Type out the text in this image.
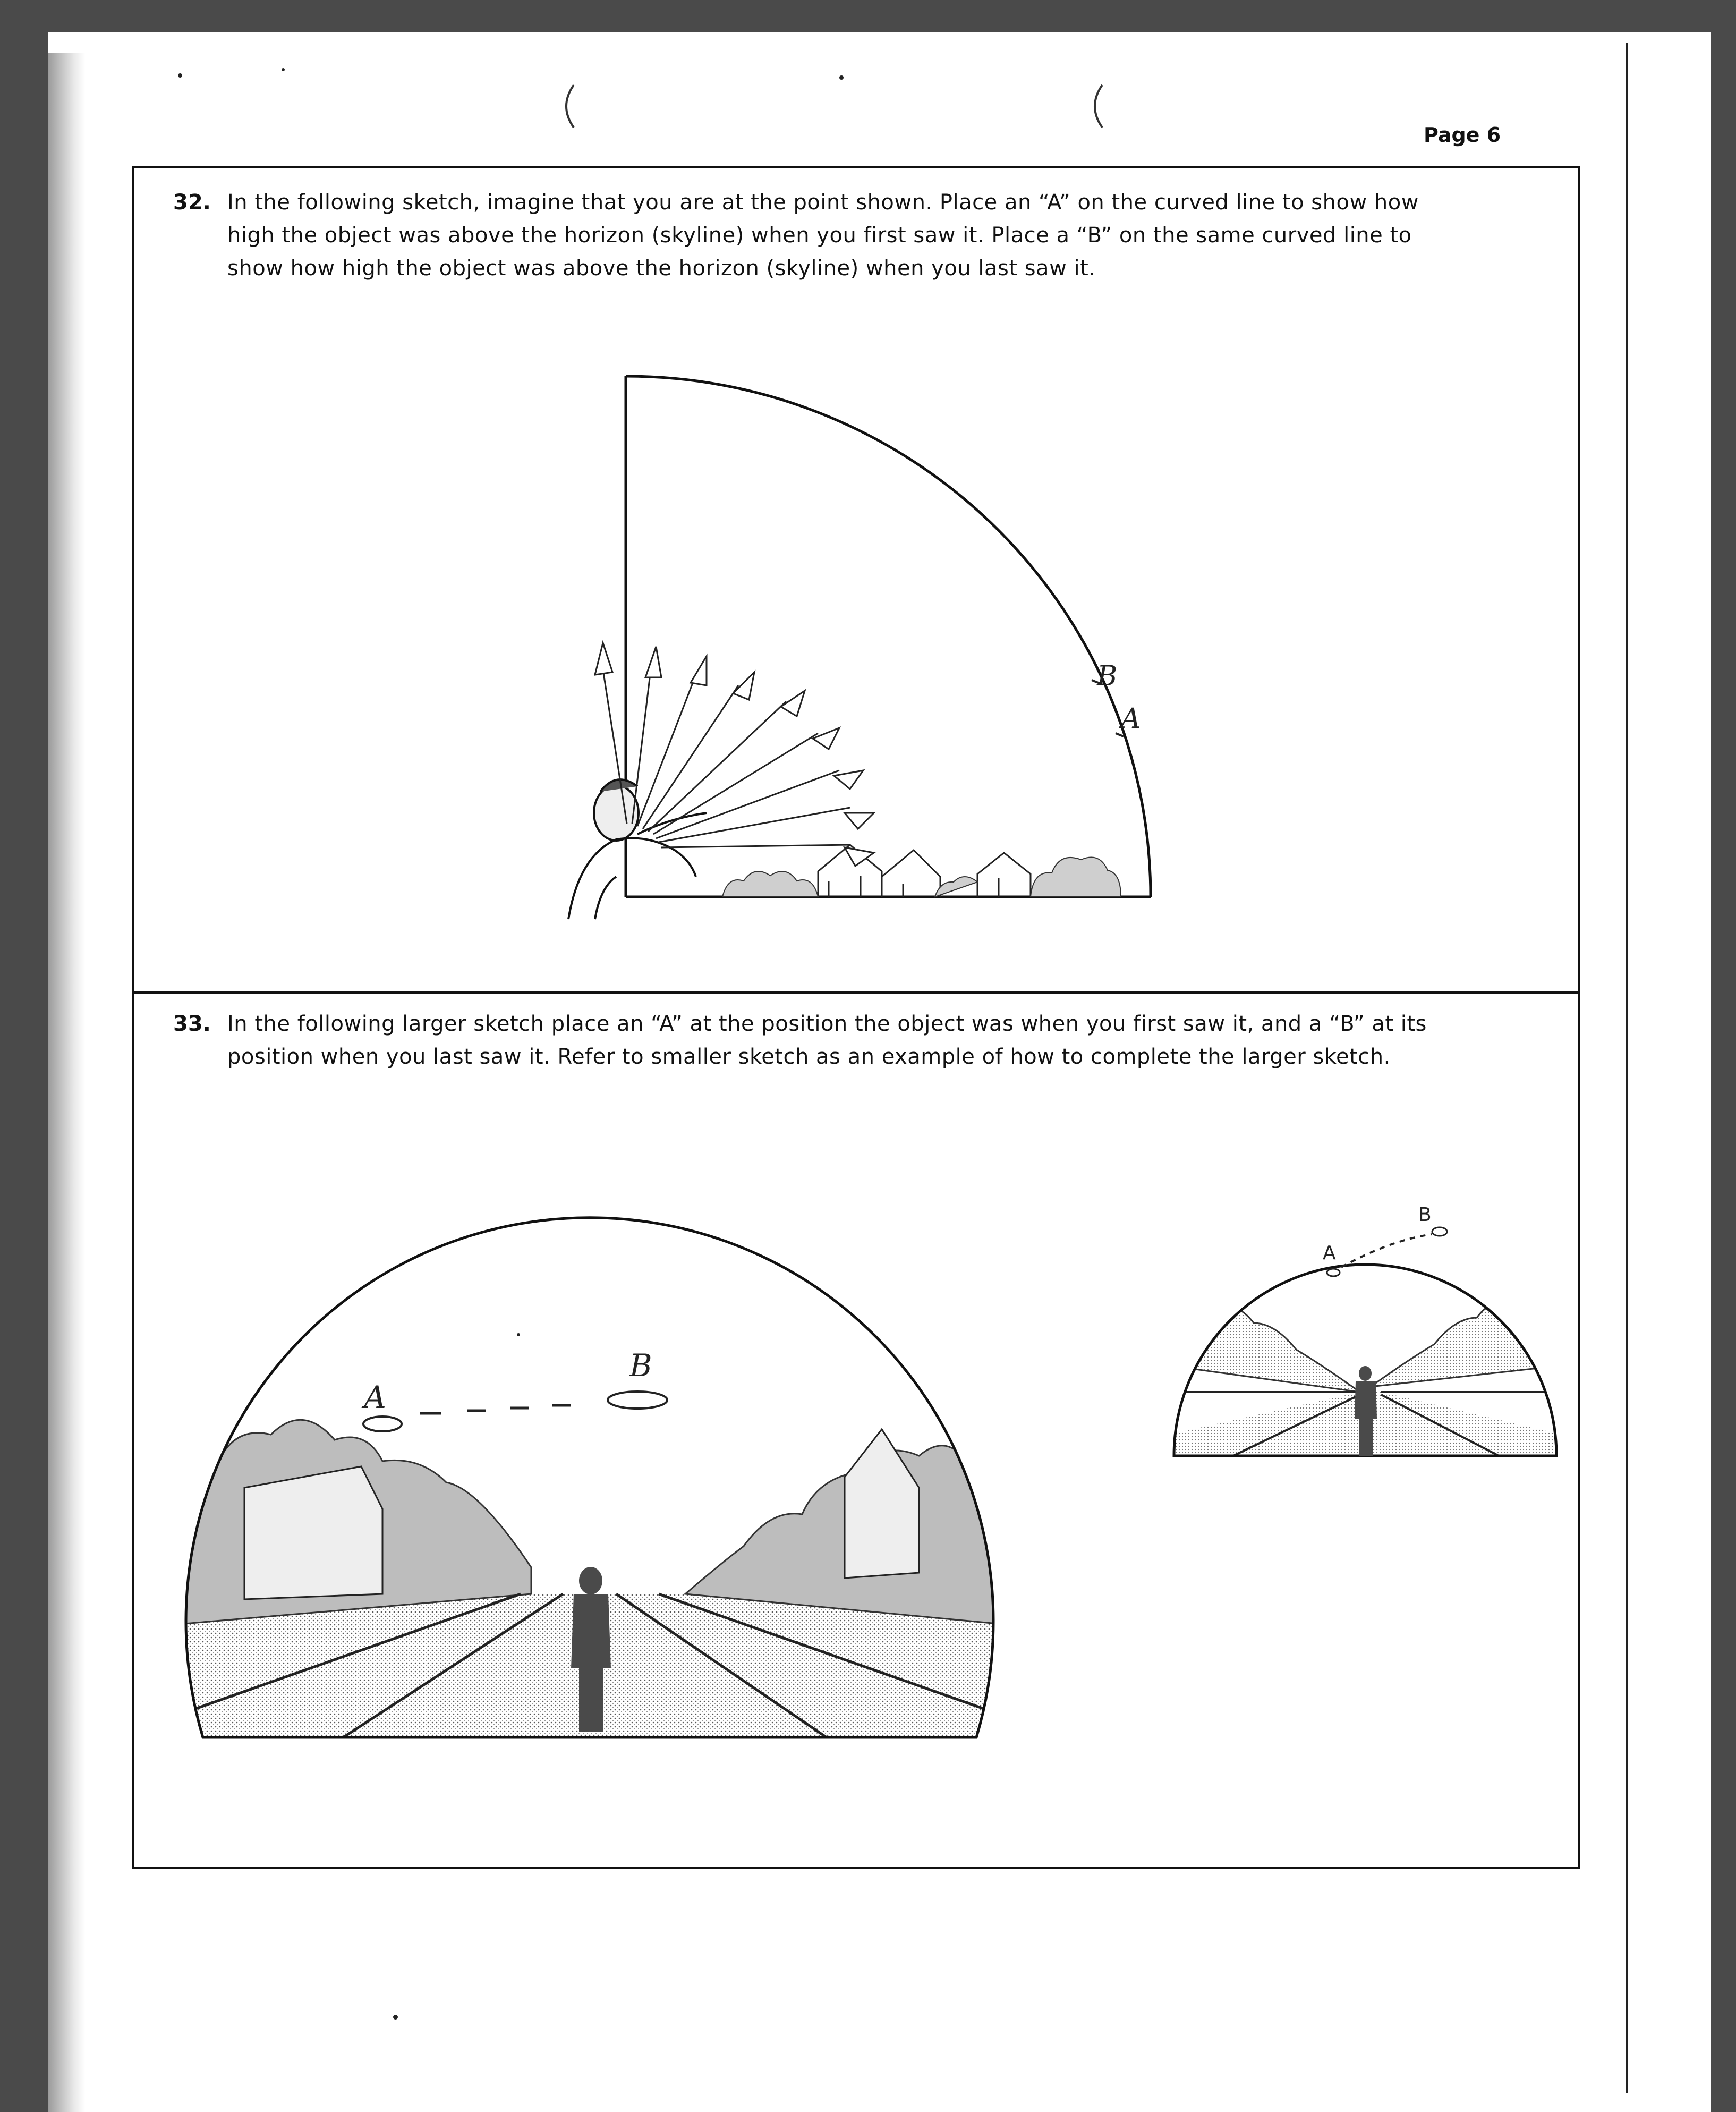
Page 6
32. In the following sketch, imagine that you are at the point shown. Place an “A” on the curved line to show how

high the object was above the horizon (skyline) when you first saw it. Place a “B” on the same curved line to

show how high the object was above the horizon (skyline) when you last saw it.

B
A
33. In the following larger sketch place an “A” at the position the object was when you first saw it, and a “B” at its

position when you last saw it. Refer to smaller sketch as an example of how to complete the larger sketch.

A
B
A
B
